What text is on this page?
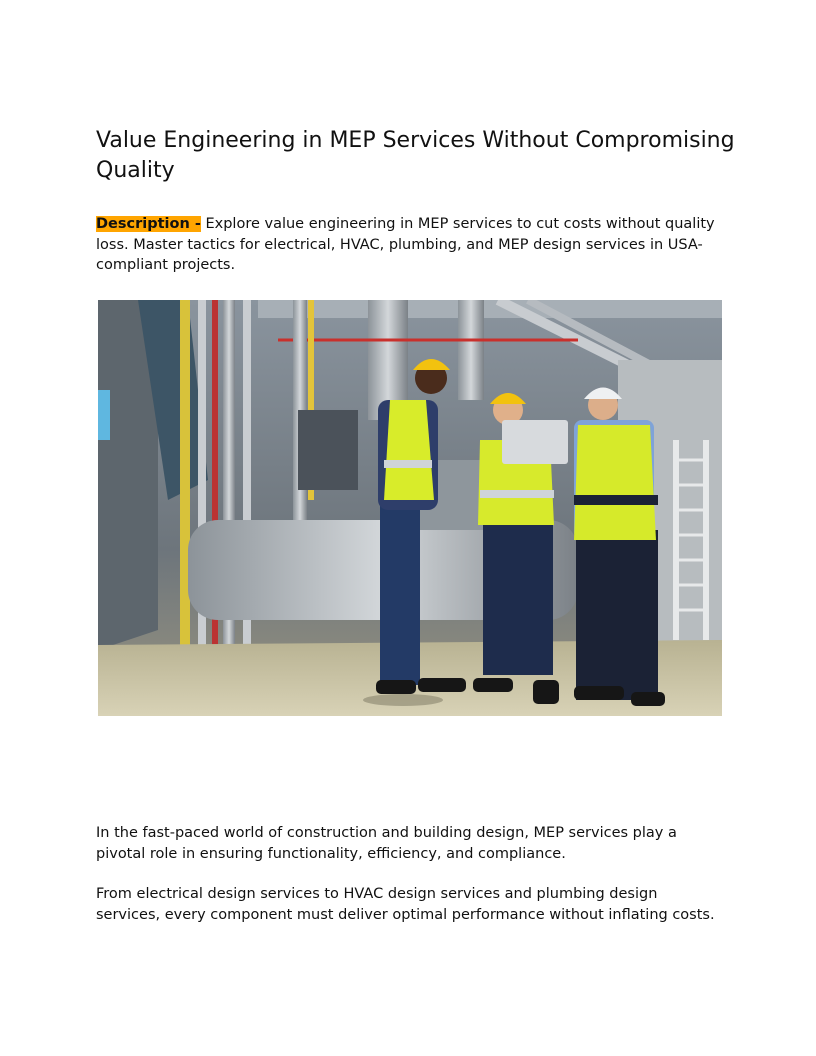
Value Engineering in MEP Services Without Compromising Quality

Description - Explore value engineering in MEP services to cut costs without quality loss. Master tactics for electrical, HVAC, plumbing, and MEP design services in USA-compliant projects.

In the fast-paced world of construction and building design, MEP services play a pivotal role in ensuring functionality, efficiency, and compliance.

From electrical design services to HVAC design services and plumbing design services, every component must deliver optimal performance without inflating costs.
